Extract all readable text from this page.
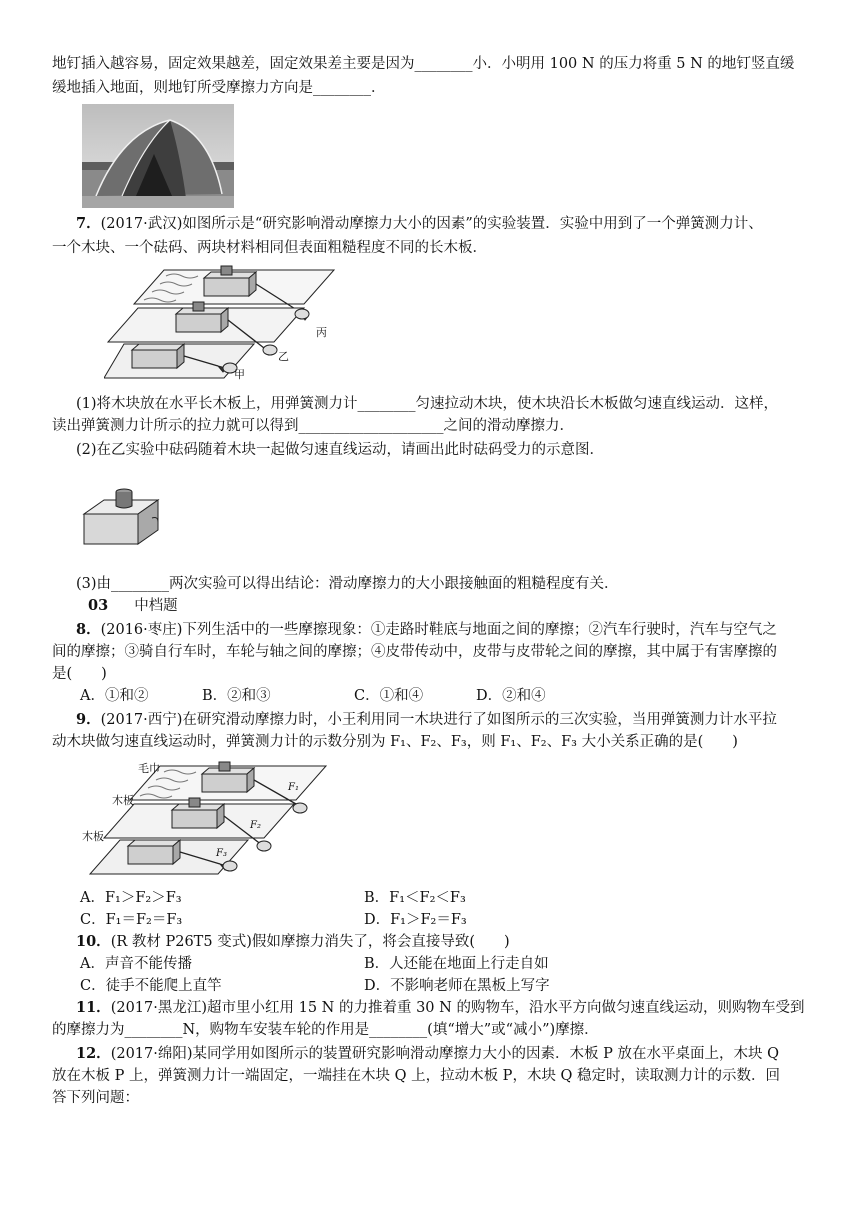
地钉插入越容易，固定效果越差，固定效果差主要是因为________小．小明用 100 N 的压力将重 5 N 的地钉竖直缓
缓地插入地面，则地钉所受摩擦力方向是________．
7．(2017·武汉)如图所示是“研究影响滑动摩擦力大小的因素”的实验装置．实验中用到了一个弹簧测力计、
一个木块、一个砝码、两块材料相同但表面粗糙程度不同的长木板．
丙
乙
甲
(1)将木块放在水平长木板上，用弹簧测力计________匀速拉动木块，使木块沿长木板做匀速直线运动．这样，
读出弹簧测力计所示的拉力就可以得到____________________之间的滑动摩擦力．
(2)在乙实验中砝码随着木块一起做匀速直线运动，请画出此时砝码受力的示意图．
(3)由________两次实验可以得出结论：滑动摩擦力的大小跟接触面的粗糙程度有关．
03 中档题
8．(2016·枣庄)下列生活中的一些摩擦现象：①走路时鞋底与地面之间的摩擦；②汽车行驶时，汽车与空气之
间的摩擦；③骑自行车时，车轮与轴之间的摩擦；④皮带传动中，皮带与皮带轮之间的摩擦，其中属于有害摩擦的
是(　　)
A．①和②	B．②和③	C．①和④	D．②和④
9．(2017·西宁)在研究滑动摩擦力时，小王利用同一木块进行了如图所示的三次实验，当用弹簧测力计水平拉
动木块做匀速直线运动时，弹簧测力计的示数分别为 F₁、F₂、F₃，则 F₁、F₂、F₃ 大小关系正确的是(　　)
毛巾
木板
木板
F₁
F₂
F₃
A．F₁＞F₂＞F₃	B．F₁＜F₂＜F₃
C．F₁＝F₂＝F₃	D．F₁＞F₂＝F₃
10．(R 教材 P26T5 变式)假如摩擦力消失了，将会直接导致(　　)
A．声音不能传播	B．人还能在地面上行走自如
C．徒手不能爬上直竿	D．不影响老师在黑板上写字
11．(2017·黑龙江)超市里小红用 15 N 的力推着重 30 N 的购物车，沿水平方向做匀速直线运动，则购物车受到
的摩擦力为________N，购物车安装车轮的作用是________(填“增大”或“减小”)摩擦．
12．(2017·绵阳)某同学用如图所示的装置研究影响滑动摩擦力大小的因素．木板 P 放在水平桌面上，木块 Q
放在木板 P 上，弹簧测力计一端固定，一端挂在木块 Q 上，拉动木板 P，木块 Q 稳定时，读取测力计的示数．回
答下列问题：
